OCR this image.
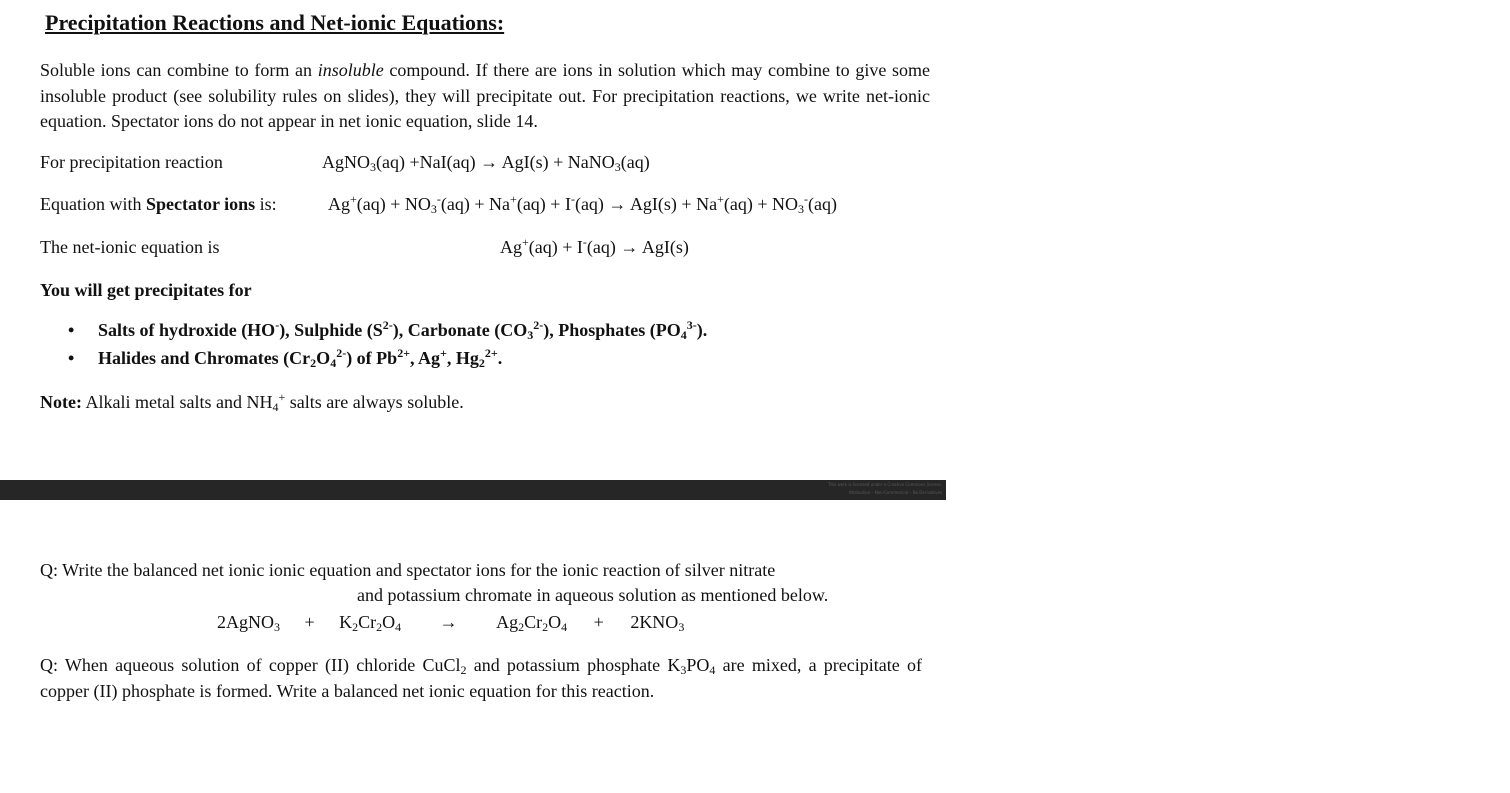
Precipitation Reactions and Net-ionic Equations:
Soluble ions can combine to form an insoluble compound. If there are ions in solution which may combine to give some insoluble product (see solubility rules on slides), they will precipitate out. For precipitation reactions, we write net-ionic equation. Spectator ions do not appear in net ionic equation, slide 14.
For precipitation reaction	AgNO$_3$(aq) +NaI(aq) → AgI(s) + NaNO$_3$(aq)
Equation with Spectator ions is:	$Ag^+(aq) + NO_3^-(aq) + Na^+(aq) + I^-(aq) \to AgI(s) + Na^+(aq) + NO_3^-(aq)$
The net-ionic equation is	Ag+(aq) + I-(aq) → AgI(s)
You will get precipitates for
•	Salts of hydroxide (HO-), Sulphide $(S^{2-})$, Carbonate $(CO_3^{2-})$, Phosphates $(PO_4^{3-})$.
•	Halides and Chromates $(Cr_2O_4^{2-})$ of $Pb^{2+}$, Ag+, $Hg_2^{2+}$.
Note: Alkali metal salts and $NH_4^+$ salts are always soluble.
This work is licensed under a Creative Commons license.
Attribution – Non-Commercial – No Derivatives
Q: Write the balanced net ionic ionic equation and spectator ions for the ionic reaction of silver nitrate
and potassium chromate in aqueous solution as mentioned below.
2AgNO$_3$ + $K_2Cr_2O_4 \to Ag_2Cr_2O_4 + 2KNO_3$
Q: When aqueous solution of copper (II) chloride CuCl$_2$ and potassium phosphate $K_3PO_4$ are mixed, a precipitate of copper (II) phosphate is formed. Write a balanced net ionic equation for this reaction.
